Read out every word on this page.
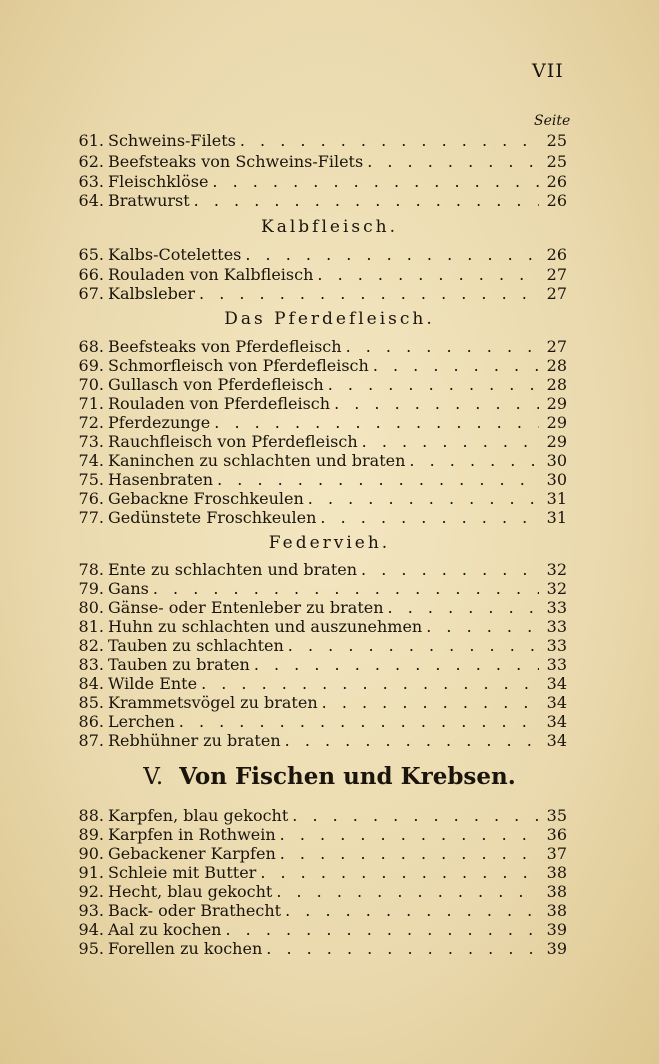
VII
Seite
61. Schweins-Filets . . .	25
62. Beefsteaks von Schweins-Filets . . .	25
63. Fleischklöse . . .	26
64. Bratwurst . . .	26
Kalbfleisch.
65. Kalbs-Cotelettes . . .	26
66. Rouladen von Kalbfleisch . . .	27
67. Kalbsleber . . .	27
Das Pferdefleisch.
68. Beefsteaks von Pferdefleisch . . .	27
69. Schmorfleisch von Pferdefleisch . . .	28
70. Gullasch von Pferdefleisch . . .	28
71. Rouladen von Pferdefleisch . . .	29
72. Pferdezunge . . .	29
73. Rauchfleisch von Pferdefleisch . . .	29
74. Kaninchen zu schlachten und braten . . .	30
75. Hasenbraten . . .	30
76. Gebackne Froschkeulen . . .	31
77. Gedünstete Froschkeulen . . .	31
Federvieh.
78. Ente zu schlachten und braten . . .	32
79. Gans . . .	32
80. Gänse- oder Entenleber zu braten . . .	33
81. Huhn zu schlachten und auszunehmen . . .	33
82. Tauben zu schlachten . . .	33
83. Tauben zu braten . . .	33
84. Wilde Ente . . .	34
85. Krammetsvögel zu braten . . .	34
86. Lerchen . . .	34
87. Rebhühner zu braten . . .	34
V. Von Fischen und Krebsen.
88. Karpfen, blau gekocht . . .	35
89. Karpfen in Rothwein . . .	36
90. Gebackener Karpfen . . .	37
91. Schleie mit Butter . . .	38
92. Hecht, blau gekocht . . .	38
93. Back- oder Brathecht . . .	38
94. Aal zu kochen . . .	39
95. Forellen zu kochen . . .	39
